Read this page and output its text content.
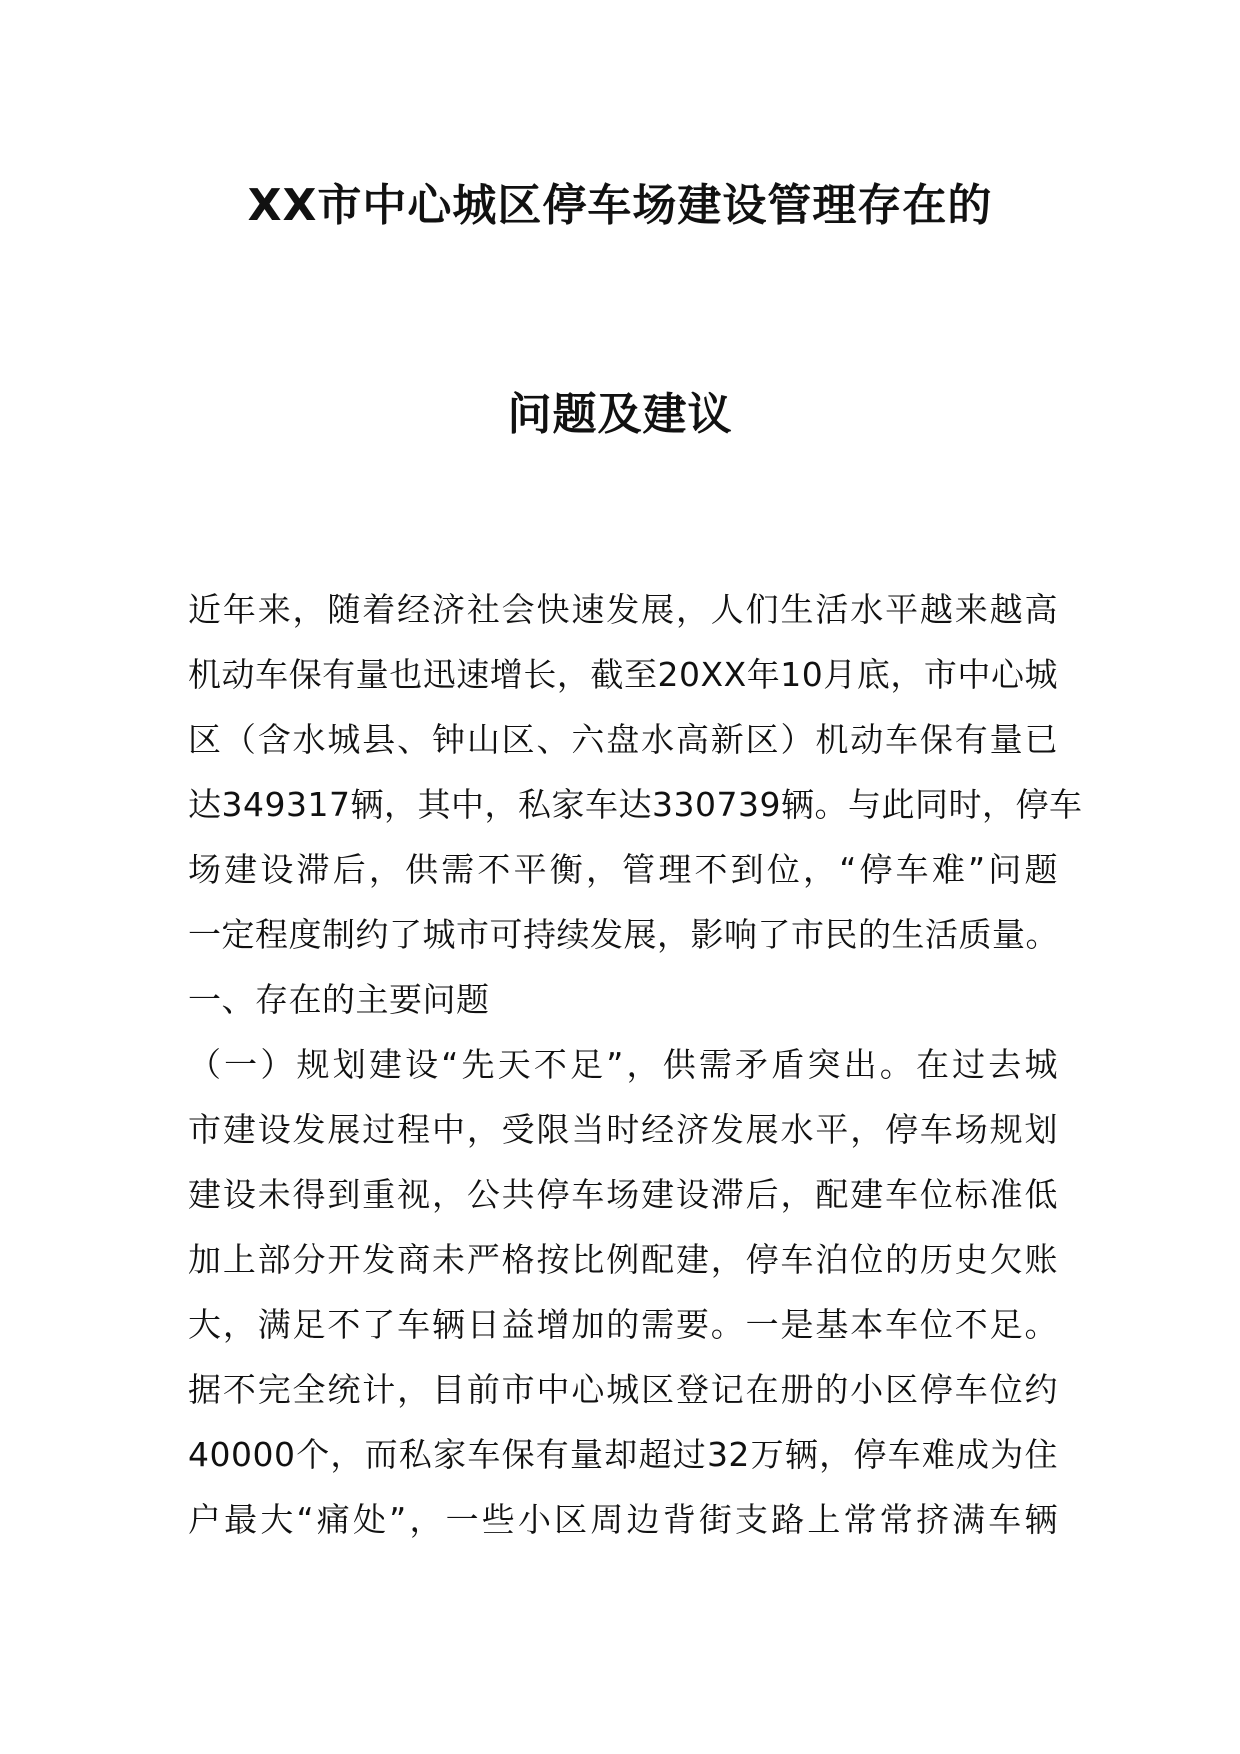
XX市中心城区停车场建设管理存在的
问题及建议
近年来，随着经济社会快速发展，人们生活水平越来越高
机动车保有量也迅速增长，截至20XX年10月底，市中心城
区（含水城县、钟山区、六盘水高新区）机动车保有量已
达349317辆，其中，私家车达330739辆。与此同时，停车
场建设滞后，供需不平衡，管理不到位，“停车难”问题
一定程度制约了城市可持续发展，影响了市民的生活质量。
一、存在的主要问题
（一）规划建设“先天不足”，供需矛盾突出。在过去城
市建设发展过程中，受限当时经济发展水平，停车场规划
建设未得到重视，公共停车场建设滞后，配建车位标准低
加上部分开发商未严格按比例配建，停车泊位的历史欠账
大，满足不了车辆日益增加的需要。一是基本车位不足。
据不完全统计，目前市中心城区登记在册的小区停车位约
40000个，而私家车保有量却超过32万辆，停车难成为住
户最大“痛处”，一些小区周边背街支路上常常挤满车辆
